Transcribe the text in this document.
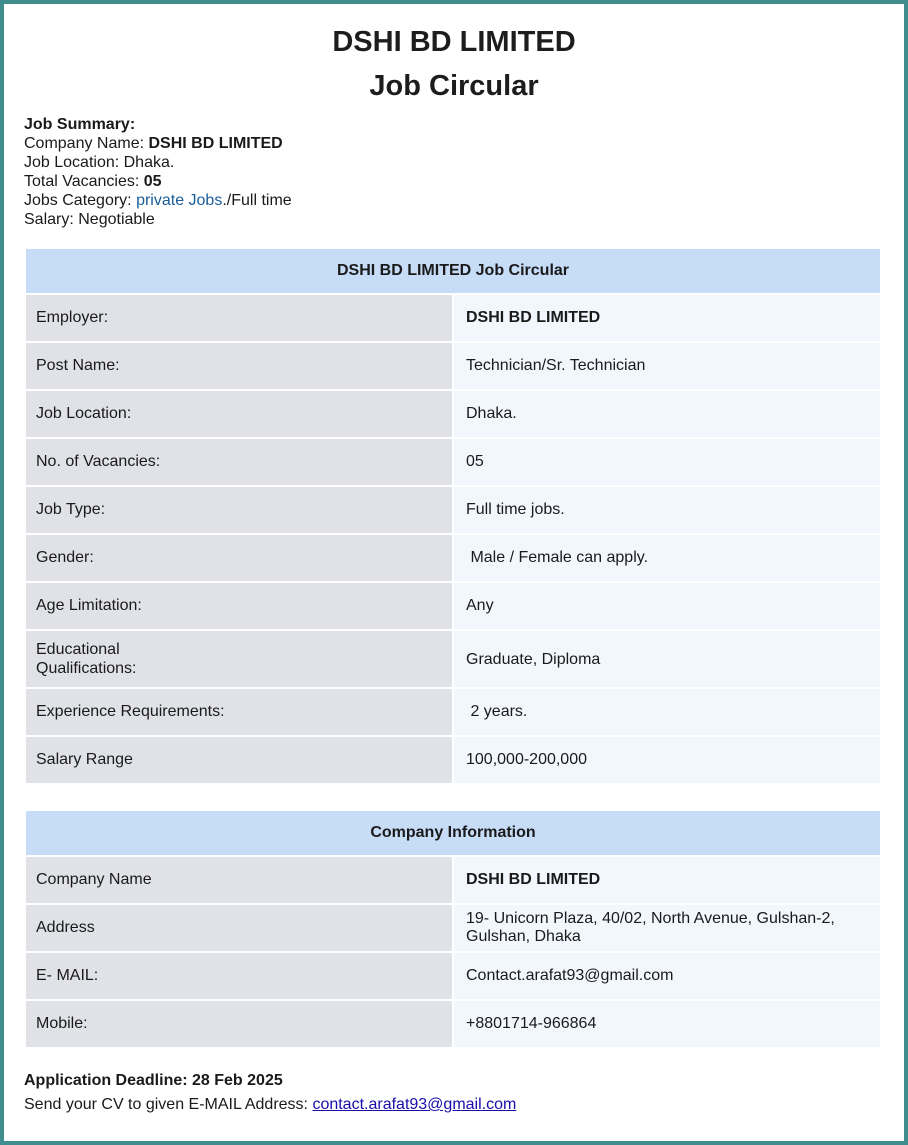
DSHI BD LIMITED
Job Circular
Job Summary:
Company Name: DSHI BD LIMITED
Job Location: Dhaka.
Total Vacancies: 05
Jobs Category: private Jobs./Full time
Salary: Negotiable
DSHI BD LIMITED Job Circular	
Employer:	DSHI BD LIMITED
Post Name:	Technician/Sr. Technician
Job Location:	Dhaka.
No. of Vacancies:	05
Job Type:	Full time jobs.
Gender:	Male / Female can apply.
Age Limitation:	Any
Educational
Qualifications:	Graduate, Diploma
Experience Requirements:	2 years.
Salary Range	100,000-200,000
Company Information	
Company Name	DSHI BD LIMITED
Address	19- Unicorn Plaza, 40/02, North Avenue, Gulshan-2, Gulshan, Dhaka
E- MAIL:	Contact.arafat93@gmail.com
Mobile:	+8801714-966864
Application Deadline: 28 Feb 2025
Send your CV to given E-MAIL Address: contact.arafat93@gmail.com
